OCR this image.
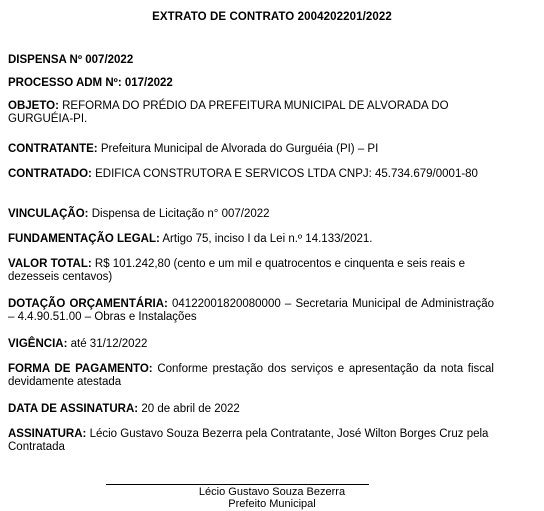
EXTRATO DE CONTRATO 2004202201/2022

DISPENSA Nº 007/2022

PROCESSO ADM Nº: 017/2022

OBJETO: REFORMA DO PRÉDIO DA PREFEITURA MUNICIPAL DE ALVORADA DO GURGUÉIA-PI.

CONTRATANTE: Prefeitura Municipal de Alvorada do Gurguéia (PI) – PI

CONTRATADO: EDIFICA CONSTRUTORA E SERVICOS LTDA CNPJ: 45.734.679/0001-80

VINCULAÇÃO: Dispensa de Licitação n° 007/2022

FUNDAMENTAÇÃO LEGAL: Artigo 75, inciso I da Lei n.º 14.133/2021.

VALOR TOTAL: R$ 101.242,80 (cento e um mil e quatrocentos e cinquenta e seis reais e dezesseis centavos)

DOTAÇÃO ORÇAMENTÁRIA: 04122001820080000 – Secretaria Municipal de Administração – 4.4.90.51.00 – Obras e Instalações

VIGÊNCIA: até 31/12/2022

FORMA DE PAGAMENTO: Conforme prestação dos serviços e apresentação da nota fiscal devidamente atestada

DATA DE ASSINATURA: 20 de abril de 2022

ASSINATURA: Lécio Gustavo Souza Bezerra pela Contratante, José Wilton Borges Cruz pela Contratada

Lécio Gustavo Souza Bezerra
Prefeito Municipal
